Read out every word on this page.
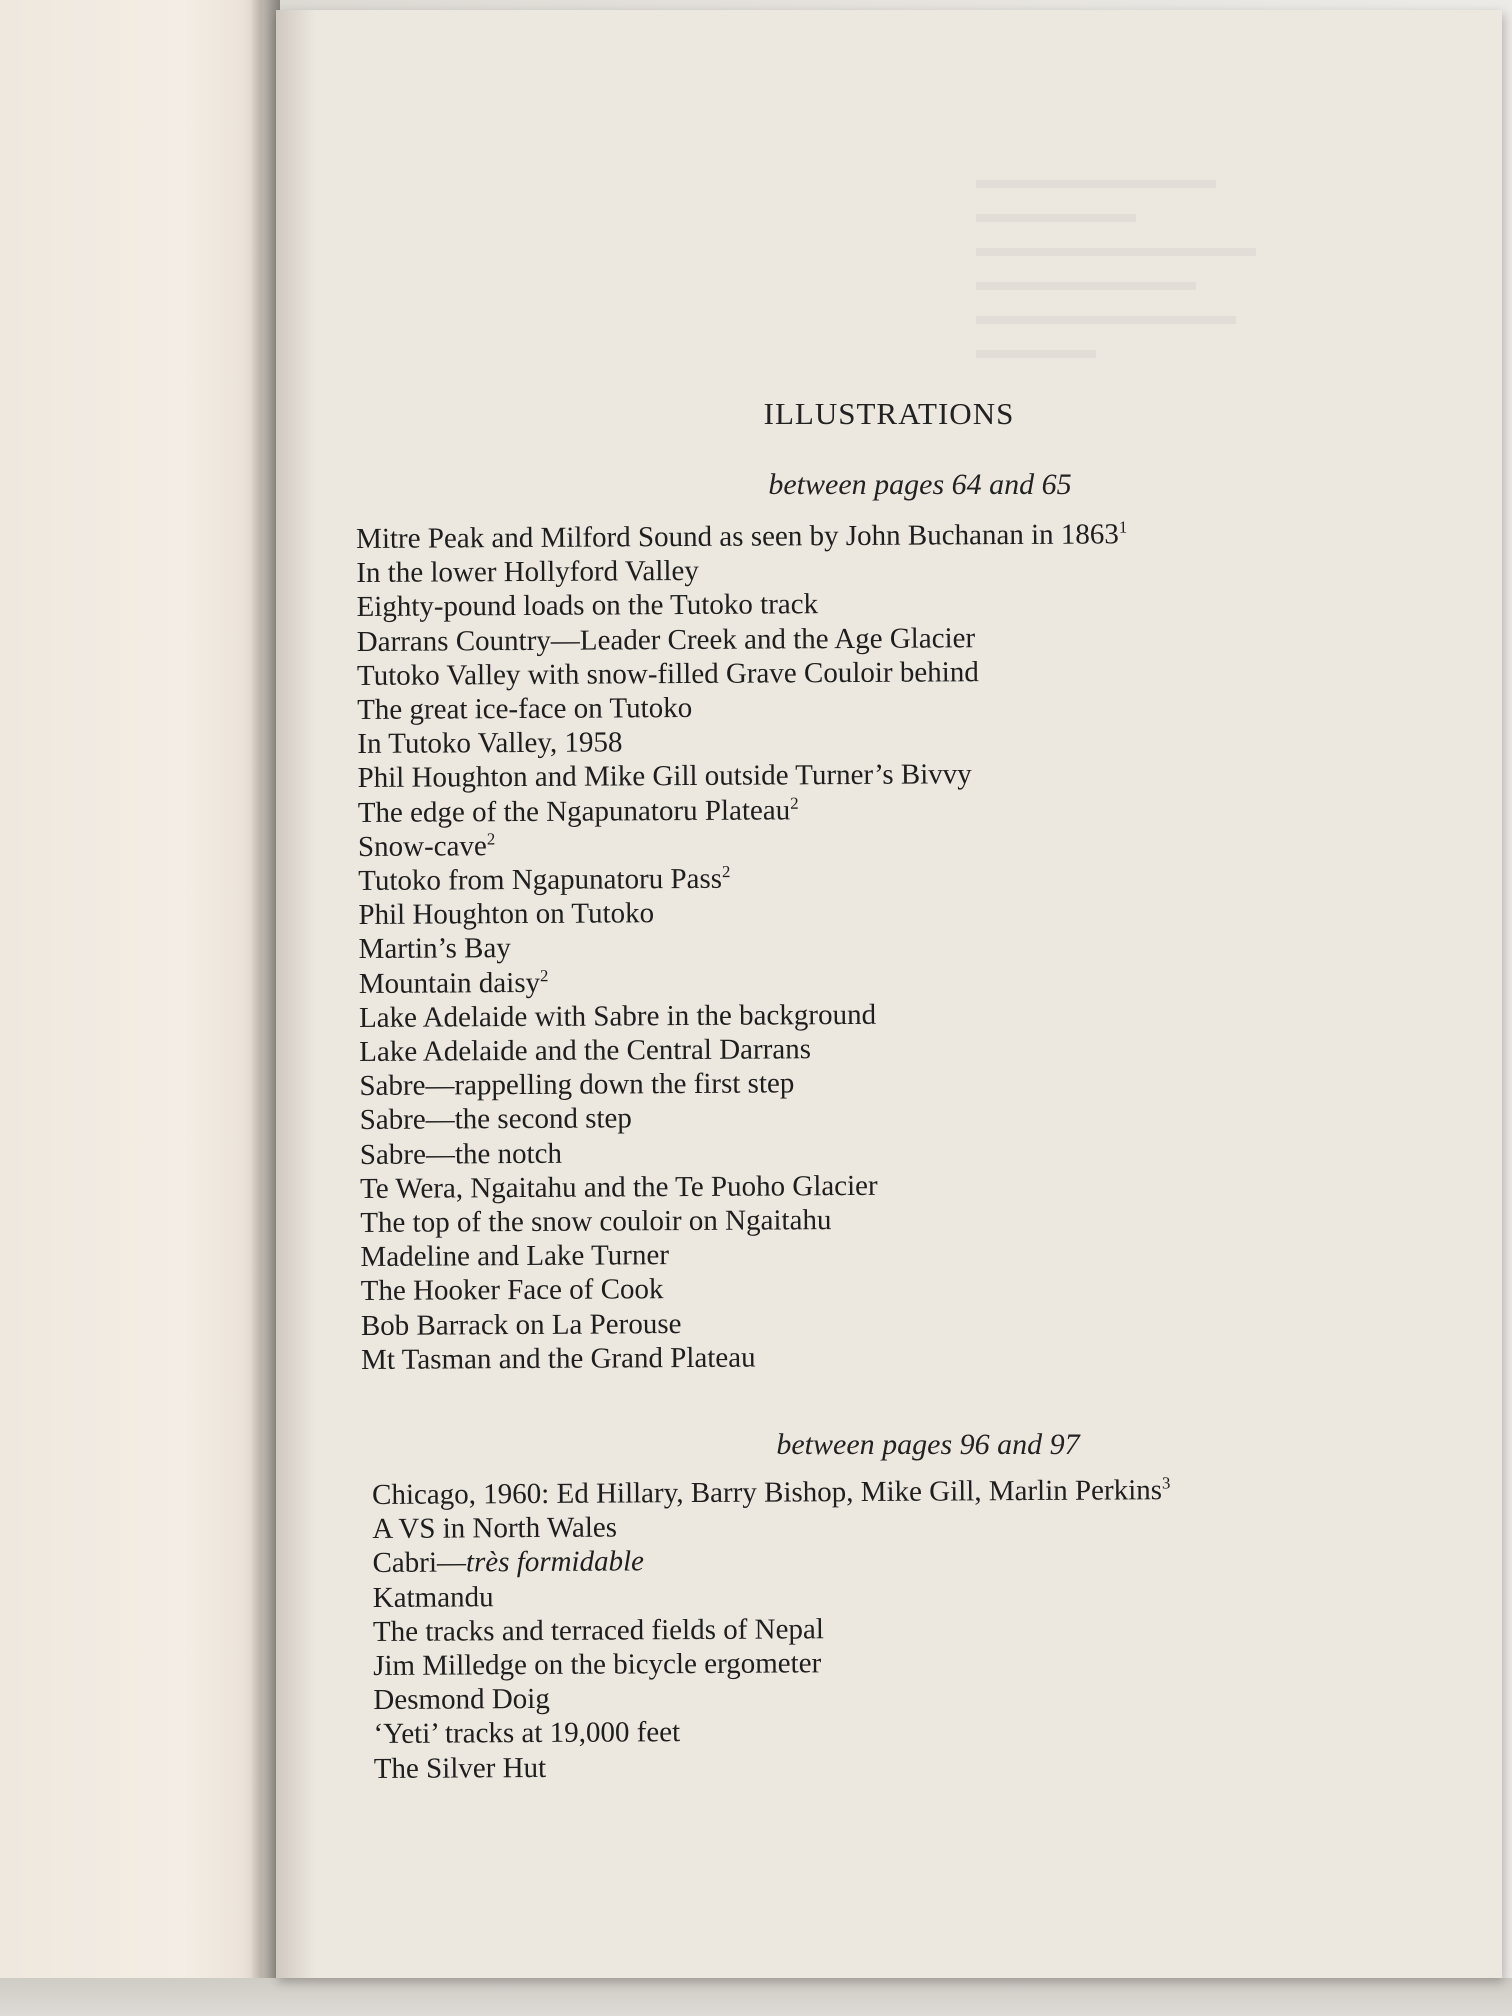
ILLUSTRATIONS

between pages 64 and 65

Mitre Peak and Milford Sound as seen by John Buchanan in 1863$^1$
In the lower Hollyford Valley
Eighty-pound loads on the Tutoko track
Darrans Country—Leader Creek and the Age Glacier
Tutoko Valley with snow-filled Grave Couloir behind
The great ice-face on Tutoko
In Tutoko Valley, 1958
Phil Houghton and Mike Gill outside Turner’s Bivvy
The edge of the Ngapunatoru Plateau$^2$
Snow-cave$^2$
Tutoko from Ngapunatoru Pass$^2$
Phil Houghton on Tutoko
Martin’s Bay
Mountain daisy$^2$
Lake Adelaide with Sabre in the background
Lake Adelaide and the Central Darrans
Sabre—rappelling down the first step
Sabre—the second step
Sabre—the notch
Te Wera, Ngaitahu and the Te Puoho Glacier
The top of the snow couloir on Ngaitahu
Madeline and Lake Turner
The Hooker Face of Cook
Bob Barrack on La Perouse
Mt Tasman and the Grand Plateau

between pages 96 and 97

Chicago, 1960: Ed Hillary, Barry Bishop, Mike Gill, Marlin Perkins$^3$
A VS in North Wales
Cabri—très formidable
Katmandu
The tracks and terraced fields of Nepal
Jim Milledge on the bicycle ergometer
Desmond Doig
‘Yeti’ tracks at 19,000 feet
The Silver Hut
